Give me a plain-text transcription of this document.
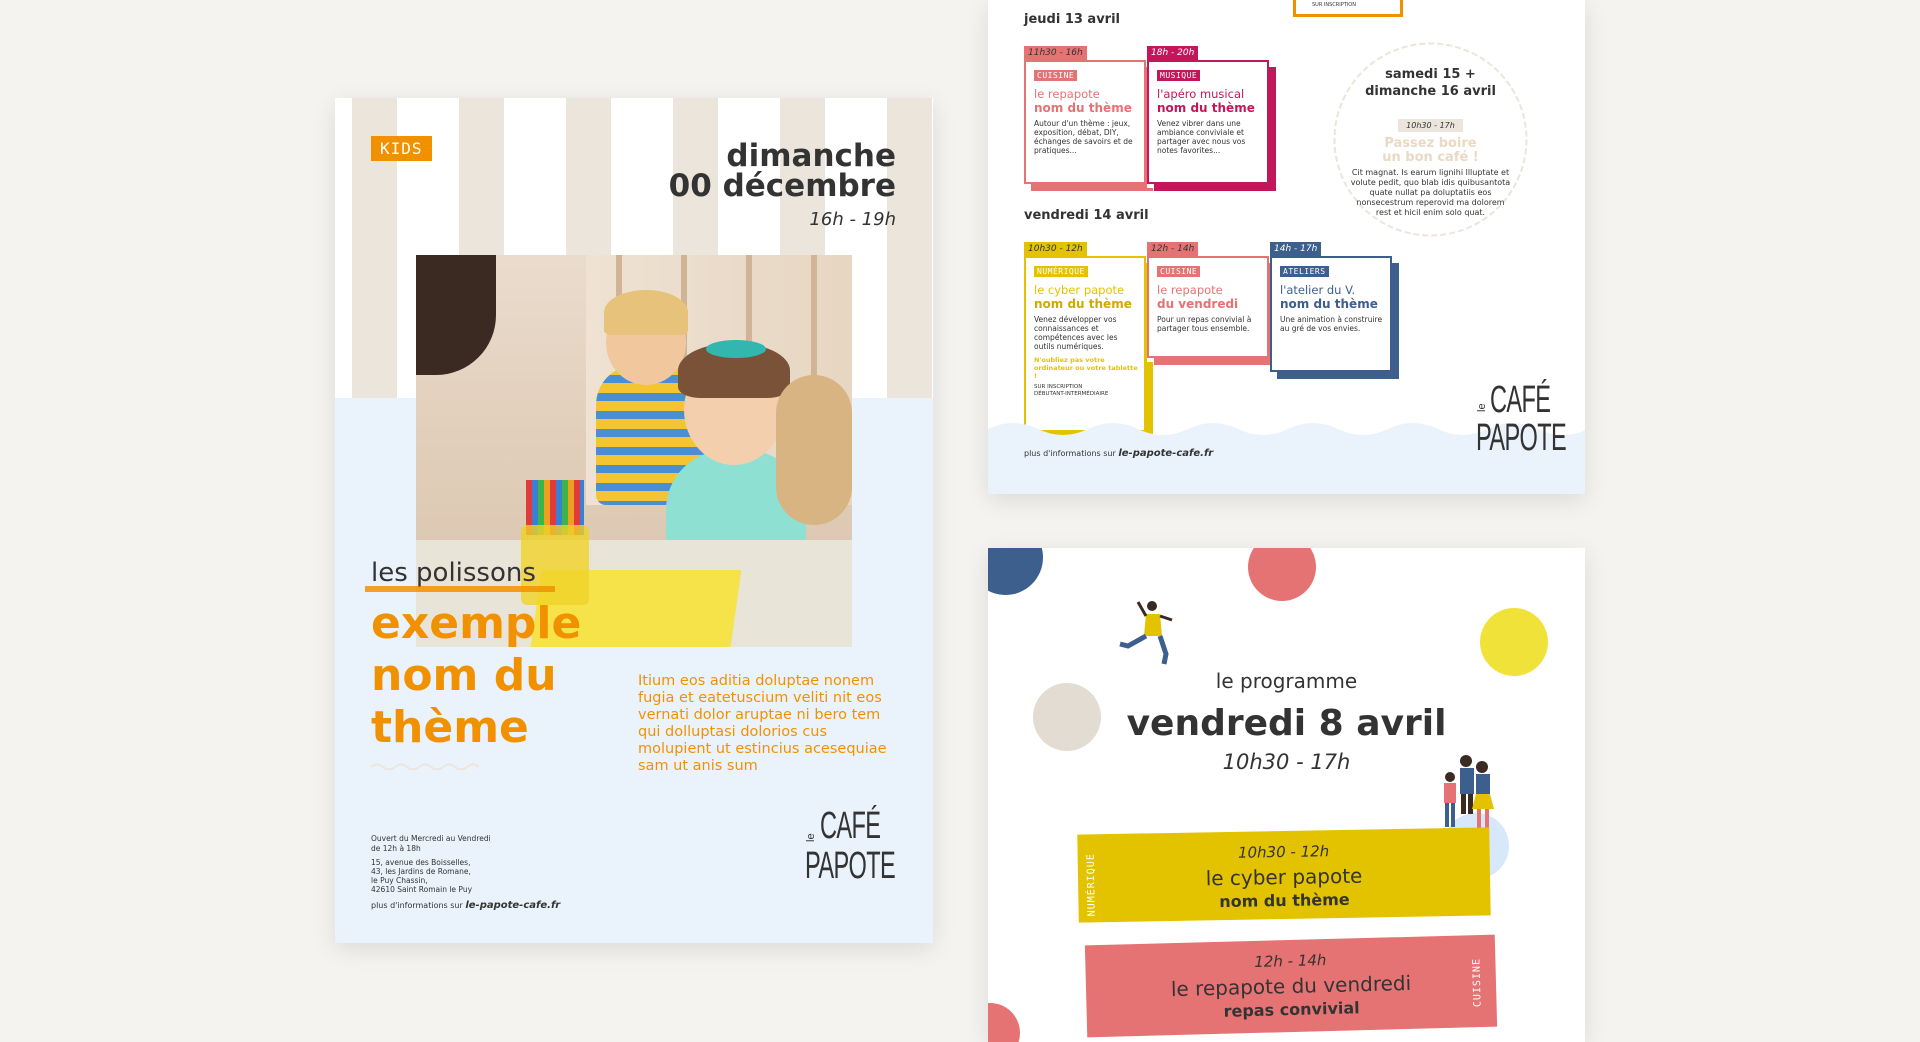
KIDS	dimanche
00 décembre
16h - 19h
les polissons
exemple
nom du
thème
Itium eos aditia doluptae nonem fugia et eatetuscium veliti nit eos vernati dolor aruptae ni bero tem qui dolluptasi dolorios cus molupient ut estincius acesequiae sam ut anis sum
Ouvert du Mercredi au Vendredi
de 12h à 18h
15, avenue des Boisselles,
43, les Jardins de Romane,
le Puy Chassin,
42610 Saint Romain le Puy
plus d'informations sur le-papote-cafe.fr
le CAFÉ
PAPOTE
SUR INSCRIPTION
jeudi 13 avril
11h30 - 16h
CUISINE
le repapote
nom du thème
Autour d'un thème : jeux, exposition, débat, DIY, échanges de savoirs et de pratiques...
18h - 20h
MUSIQUE
l'apéro musical
nom du thème
Venez vibrer dans une ambiance conviviale et partager avec nous vos notes favorites...
vendredi 14 avril
10h30 - 12h
NUMÉRIQUE
le cyber papote
nom du thème
Venez développer vos connaissances et compétences avec les outils numériques.
N'oubliez pas votre ordinateur ou votre tablette !
SUR INSCRIPTION
DÉBUTANT-INTERMÉDIAIRE
12h - 14h
CUISINE
le repapote
du vendredi
Pour un repas convivial à partager tous ensemble.
14h - 17h
ATELIERS
l'atelier du V.
nom du thème
Une animation à construire au gré de vos envies.
samedi 15 +
dimanche 16 avril
10h30 - 17h
Passez boire
un bon café !
Cit magnat. Is earum lignihi llluptate et volute pedit, quo blab idis quibusantota quate nullat pa doluptatiis eos nonsecestrum reperovid ma dolorem rest et hicil enim solo quat.
plus d'informations sur le-papote-cafe.fr
le CAFÉ
PAPOTE
le programme
vendredi 8 avril
10h30 - 17h
NUMÉRIQUE
10h30 - 12h
le cyber papote
nom du thème
CUISINE
12h - 14h
le repapote du vendredi
repas convivial
